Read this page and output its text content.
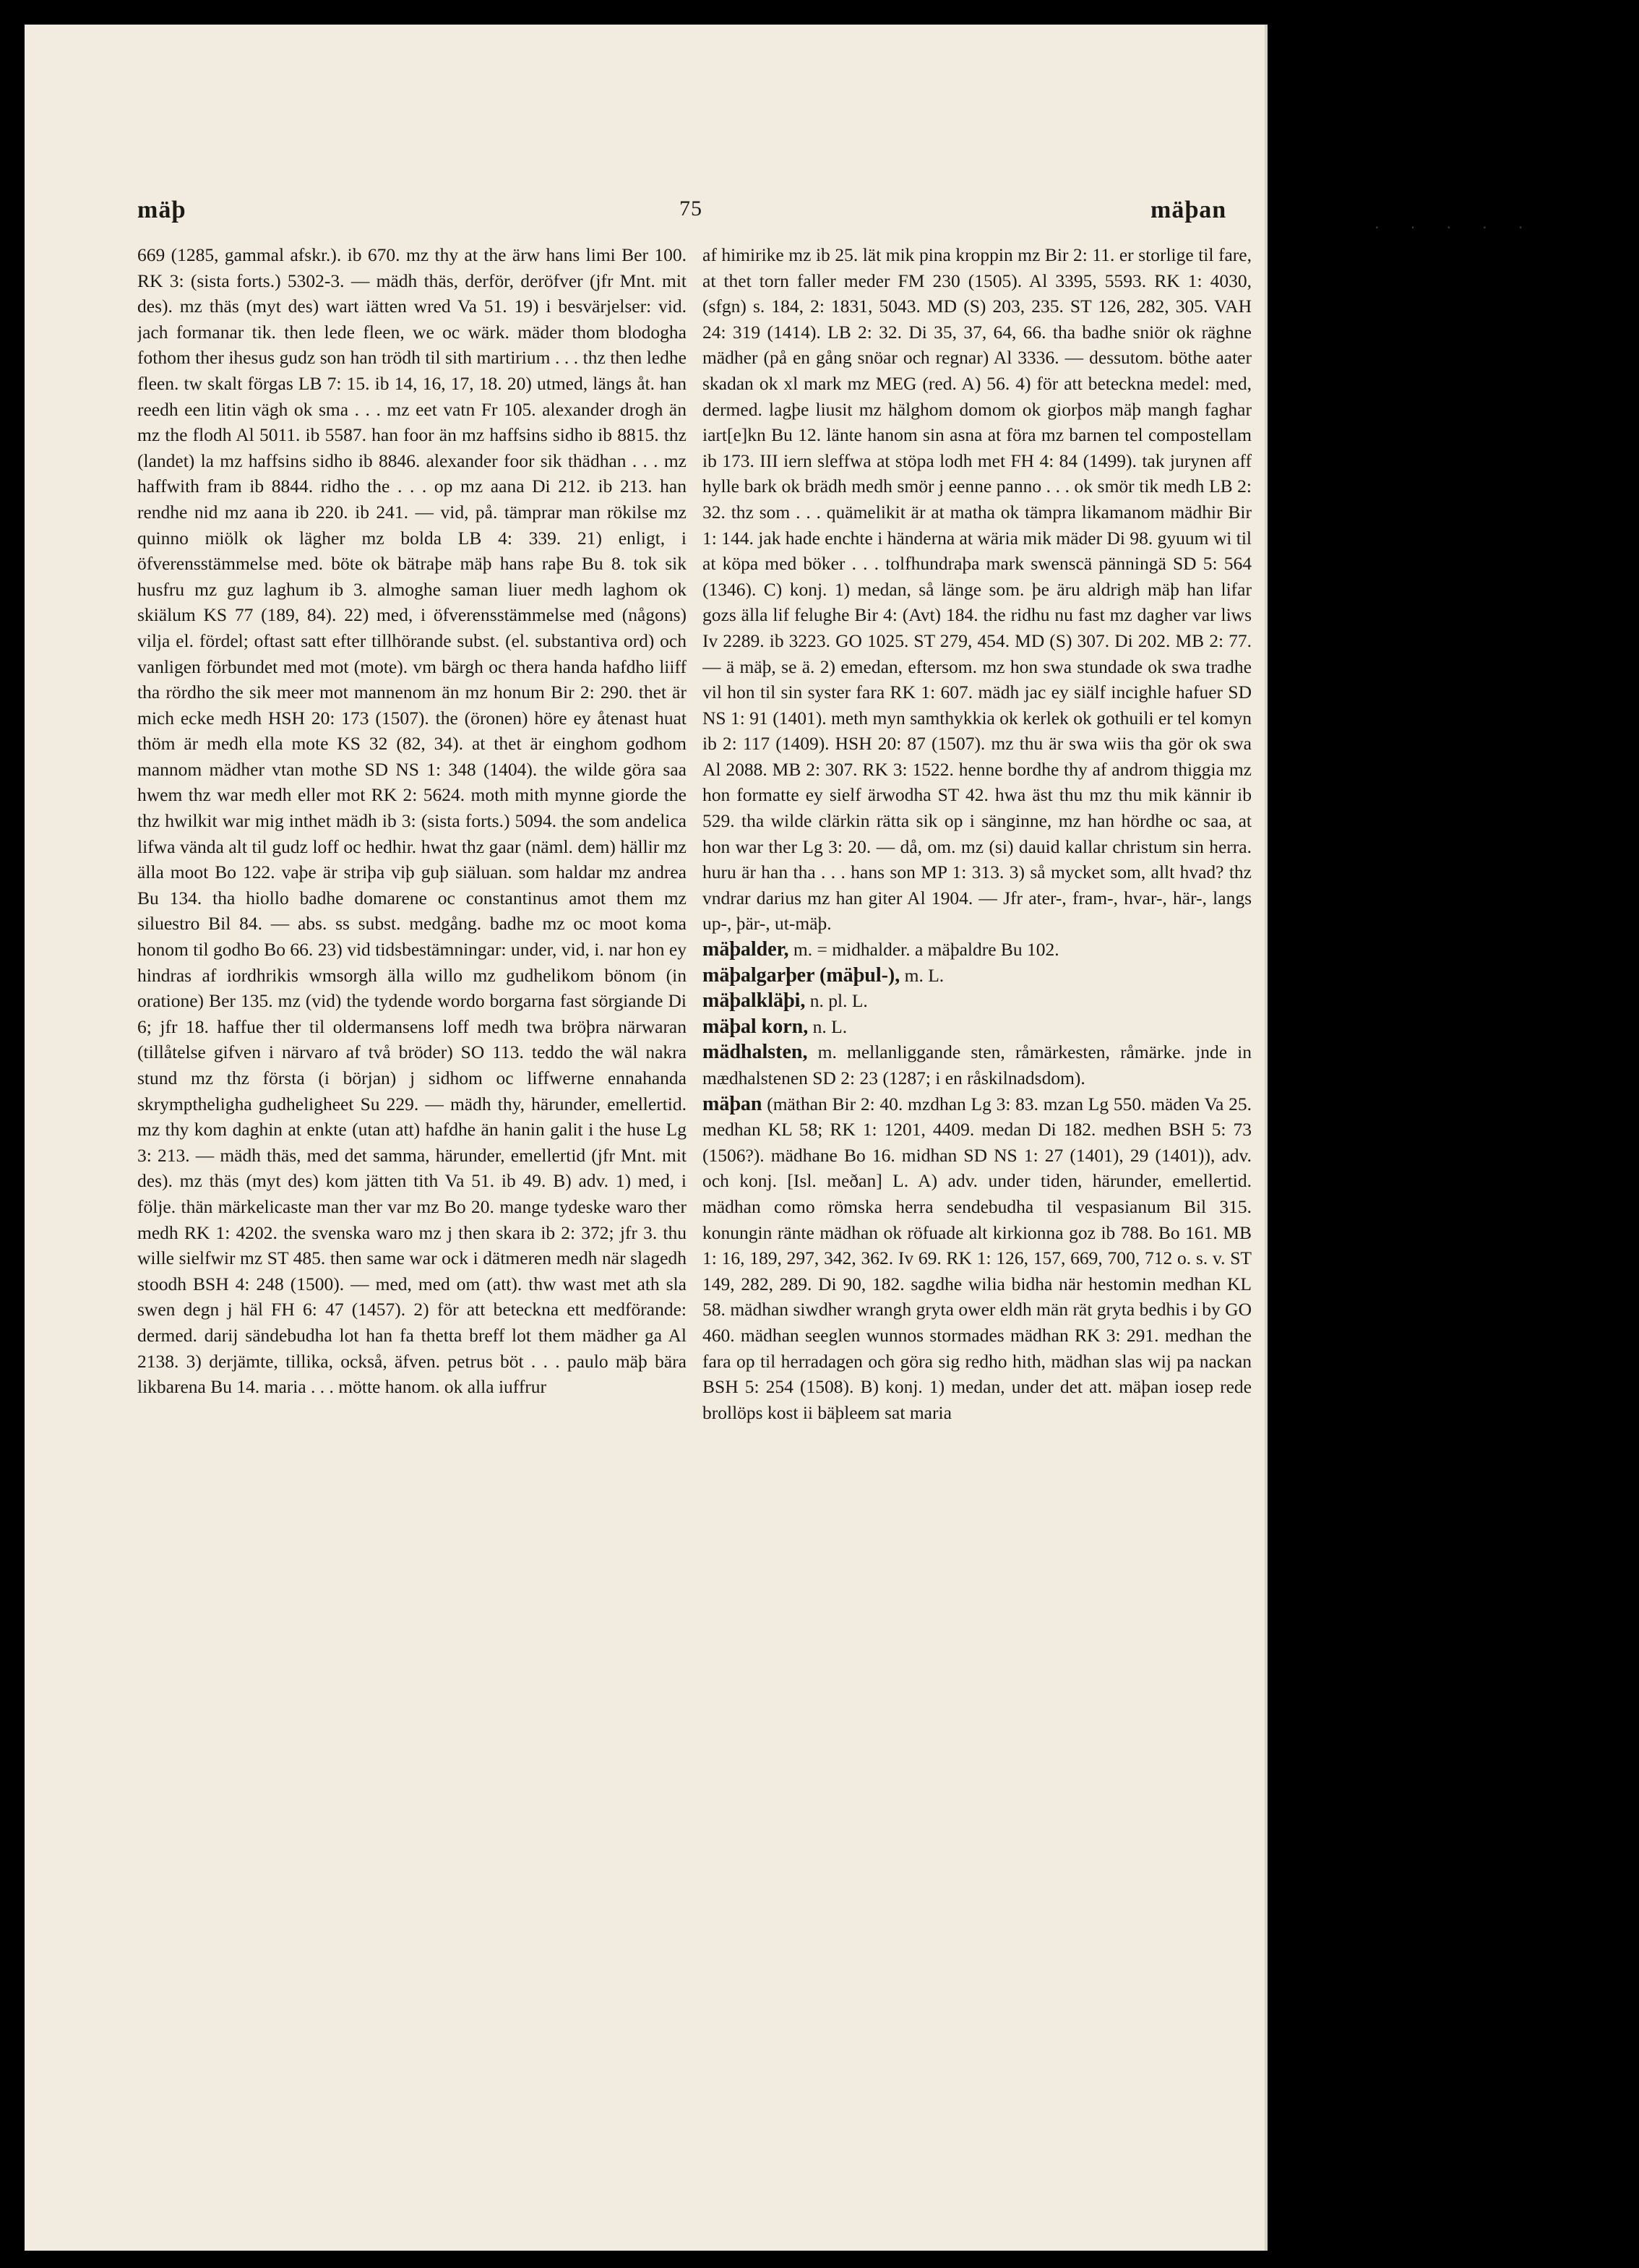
. . . . .
mäþ	75	mäþan

669 (1285, gammal afskr.). ib 670. mz thy at the ärw hans limi Ber 100. RK 3: (sista forts.) 5302-3. — mädh thäs, derför, deröfver (jfr Mnt. mit des). mz thäs (myt des) wart iätten wred Va 51. 19) i besvärjelser: vid. jach formanar tik. then lede fleen, we oc wärk. mäder thom blodogha fothom ther ihesus gudz son han trödh til sith martirium . . . thz then ledhe fleen. tw skalt förgas LB 7: 15. ib 14, 16, 17, 18. 20) utmed, längs åt. han reedh een litin vägh ok sma . . . mz eet vatn Fr 105. alexander drogh än mz the flodh Al 5011. ib 5587. han foor än mz haffsins sidho ib 8815. thz (landet) la mz haffsins sidho ib 8846. alexander foor sik thädhan . . . mz haffwith fram ib 8844. ridho the . . . op mz aana Di 212. ib 213. han rendhe nid mz aana ib 220. ib 241. — vid, på. tämprar man rökilse mz quinno miölk ok lägher mz bolda LB 4: 339. 21) enligt, i öfverensstämmelse med. böte ok bätraþe mäþ hans raþe Bu 8. tok sik husfru mz guz laghum ib 3. almoghe saman liuer medh laghom ok skiälum KS 77 (189, 84). 22) med, i öfverensstämmelse med (någons) vilja el. fördel; oftast satt efter tillhörande subst. (el. substantiva ord) och vanligen förbundet med mot (mote). vm bärgh oc thera handa hafdho liiff tha rördho the sik meer mot mannenom än mz honum Bir 2: 290. thet är mich ecke medh HSH 20: 173 (1507). the (öronen) höre ey åtenast huat thöm är medh ella mote KS 32 (82, 34). at thet är einghom godhom mannom mädher vtan mothe SD NS 1: 348 (1404). the wilde göra saa hwem thz war medh eller mot RK 2: 5624. moth mith mynne giorde the thz hwilkit war mig inthet mädh ib 3: (sista forts.) 5094. the som andelica lifwa vända alt til gudz loff oc hedhir. hwat thz gaar (näml. dem) hällir mz älla moot Bo 122. vaþe är striþa viþ guþ siäluan. som haldar mz andrea Bu 134. tha hiollo badhe domarene oc constantinus amot them mz siluestro Bil 84. — abs. ss subst. medgång. badhe mz oc moot koma honom til godho Bo 66. 23) vid tidsbestämningar: under, vid, i. nar hon ey hindras af iordhrikis wmsorgh älla willo mz gudhelikom bönom (in oratione) Ber 135. mz (vid) the tydende wordo borgarna fast sörgiande Di 6; jfr 18. haffue ther til oldermansens loff medh twa bröþra närwaran (tillåtelse gifven i närvaro af två bröder) SO 113. teddo the wäl nakra stund mz thz första (i början) j sidhom oc liffwerne ennahanda skrymptheligha gudheligheet Su 229. — mädh thy, härunder, emellertid. mz thy kom daghin at enkte (utan att) hafdhe än hanin galit i the huse Lg 3: 213. — mädh thäs, med det samma, härunder, emellertid (jfr Mnt. mit des). mz thäs (myt des) kom jätten tith Va 51. ib 49. B) adv. 1) med, i följe. thän märkelicaste man ther var mz Bo 20. mange tydeske waro ther medh RK 1: 4202. the svenska waro mz j then skara ib 2: 372; jfr 3. thu wille sielfwir mz ST 485. then same war ock i dätmeren medh när slagedh stoodh BSH 4: 248 (1500). — med, med om (att). thw wast met ath sla swen degn j häl FH 6: 47 (1457). 2) för att beteckna ett medförande: dermed. darij sändebudha lot han fa thetta breff lot them mädher ga Al 2138. 3) derjämte, tillika, också, äfven. petrus böt . . . paulo mäþ bära likbarena Bu 14. maria . . . mötte hanom. ok alla iuffrur

af himirike mz ib 25. lät mik pina kroppin mz Bir 2: 11. er storlige til fare, at thet torn faller meder FM 230 (1505). Al 3395, 5593. RK 1: 4030, (sfgn) s. 184, 2: 1831, 5043. MD (S) 203, 235. ST 126, 282, 305. VAH 24: 319 (1414). LB 2: 32. Di 35, 37, 64, 66. tha badhe sniör ok räghne mädher (på en gång snöar och regnar) Al 3336. — dessutom. böthe aater skadan ok xl mark mz MEG (red. A) 56. 4) för att beteckna medel: med, dermed. lagþe liusit mz hälghom domom ok giorþos mäþ mangh faghar iart[e]kn Bu 12. länte hanom sin asna at föra mz barnen tel compostellam ib 173. III iern sleffwa at stöpa lodh met FH 4: 84 (1499). tak jurynen aff hylle bark ok brädh medh smör j eenne panno . . . ok smör tik medh LB 2: 32. thz som . . . quämelikit är at matha ok tämpra likamanom mädhir Bir 1: 144. jak hade enchte i händerna at wäria mik mäder Di 98. gyuum wi til at köpa med böker . . . tolfhundraþa mark swenscä pänningä SD 5: 564 (1346). C) konj. 1) medan, så länge som. þe äru aldrigh mäþ han lifar gozs älla lif felughe Bir 4: (Avt) 184. the ridhu nu fast mz dagher var liws Iv 2289. ib 3223. GO 1025. ST 279, 454. MD (S) 307. Di 202. MB 2: 77. — ä mäþ, se ä. 2) emedan, eftersom. mz hon swa stundade ok swa tradhe vil hon til sin syster fara RK 1: 607. mädh jac ey siälf incighle hafuer SD NS 1: 91 (1401). meth myn samthykkia ok kerlek ok gothuili er tel komyn ib 2: 117 (1409). HSH 20: 87 (1507). mz thu är swa wiis tha gör ok swa Al 2088. MB 2: 307. RK 3: 1522. henne bordhe thy af androm thiggia mz hon formatte ey sielf ärwodha ST 42. hwa äst thu mz thu mik kännir ib 529. tha wilde clärkin rätta sik op i sänginne, mz han hördhe oc saa, at hon war ther Lg 3: 20. — då, om. mz (si) dauid kallar christum sin herra. huru är han tha . . . hans son MP 1: 313. 3) så mycket som, allt hvad? thz vndrar darius mz han giter Al 1904. — Jfr ater-, fram-, hvar-, här-, langs up-, þär-, ut-mäþ.

mäþalder, m. = midhalder. a mäþaldre Bu 102.

mäþalgarþer (mäþul-), m. L.

mäþalkläþi, n. pl. L.

mäþal korn, n. L.

mädhalsten, m. mellanliggande sten, råmärkesten, råmärke. jnde in mædhalstenen SD 2: 23 (1287; i en råskilnadsdom).

mäþan (mäthan Bir 2: 40. mzdhan Lg 3: 83. mzan Lg 550. mäden Va 25. medhan KL 58; RK 1: 1201, 4409. medan Di 182. medhen BSH 5: 73 (1506?). mädhane Bo 16. midhan SD NS 1: 27 (1401), 29 (1401)), adv. och konj. [Isl. meðan] L. A) adv. under tiden, härunder, emellertid. mädhan como römska herra sendebudha til vespasianum Bil 315. konungin ränte mädhan ok röfuade alt kirkionna goz ib 788. Bo 161. MB 1: 16, 189, 297, 342, 362. Iv 69. RK 1: 126, 157, 669, 700, 712 o. s. v. ST 149, 282, 289. Di 90, 182. sagdhe wilia bidha när hestomin medhan KL 58. mädhan siwdher wrangh gryta ower eldh män rät gryta bedhis i by GO 460. mädhan seeglen wunnos stormades mädhan RK 3: 291. medhan the fara op til herradagen och göra sig redho hith, mädhan slas wij pa nackan BSH 5: 254 (1508). B) konj. 1) medan, under det att. mäþan iosep rede brollöps kost ii bäþleem sat maria
